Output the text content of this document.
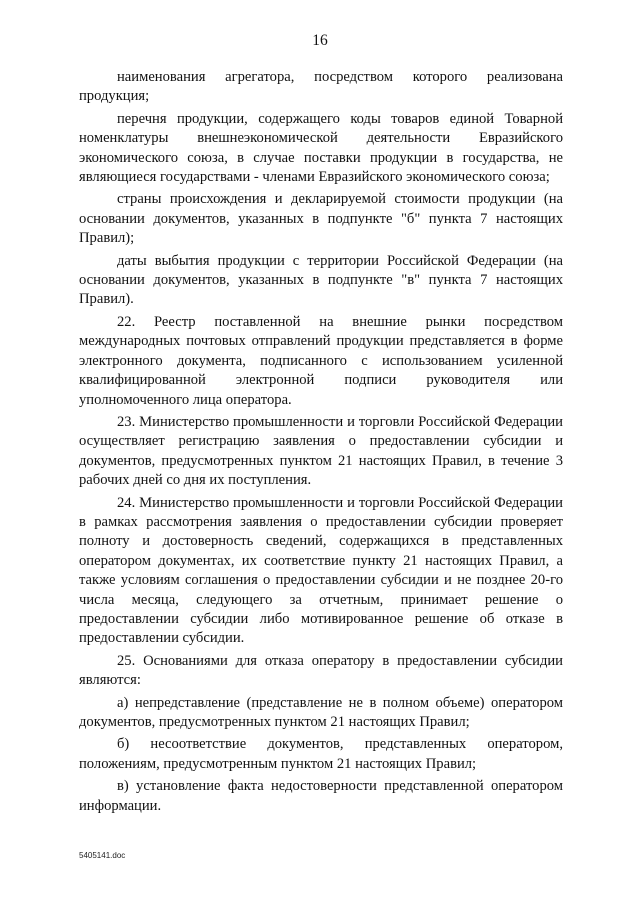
16

наименования агрегатора, посредством которого реализована продукция;

перечня продукции, содержащего коды товаров единой Товарной номенклатуры внешнеэкономической деятельности Евразийского экономического союза, в случае поставки продукции в государства, не являющиеся государствами - членами Евразийского экономического союза;

страны происхождения и декларируемой стоимости продукции (на основании документов, указанных в подпункте "б" пункта 7 настоящих Правил);

даты выбытия продукции с территории Российской Федерации (на основании документов, указанных в подпункте "в" пункта 7 настоящих Правил).

22. Реестр поставленной на внешние рынки посредством международных почтовых отправлений продукции представляется в форме электронного документа, подписанного с использованием усиленной квалифицированной электронной подписи руководителя или уполномоченного лица оператора.

23. Министерство промышленности и торговли Российской Федерации осуществляет регистрацию заявления о предоставлении субсидии и документов, предусмотренных пунктом 21 настоящих Правил, в течение 3 рабочих дней со дня их поступления.

24. Министерство промышленности и торговли Российской Федерации в рамках рассмотрения заявления о предоставлении субсидии проверяет полноту и достоверность сведений, содержащихся в представленных оператором документах, их соответствие пункту 21 настоящих Правил, а также условиям соглашения о предоставлении субсидии и не позднее 20-го числа месяца, следующего за отчетным, принимает решение о предоставлении субсидии либо мотивированное решение об отказе в предоставлении субсидии.

25. Основаниями для отказа оператору в предоставлении субсидии являются:

а) непредставление (представление не в полном объеме) оператором документов, предусмотренных пунктом 21 настоящих Правил;

б) несоответствие документов, представленных оператором, положениям, предусмотренным пунктом 21 настоящих Правил;

в) установление факта недостоверности представленной оператором информации.

5405141.doc
